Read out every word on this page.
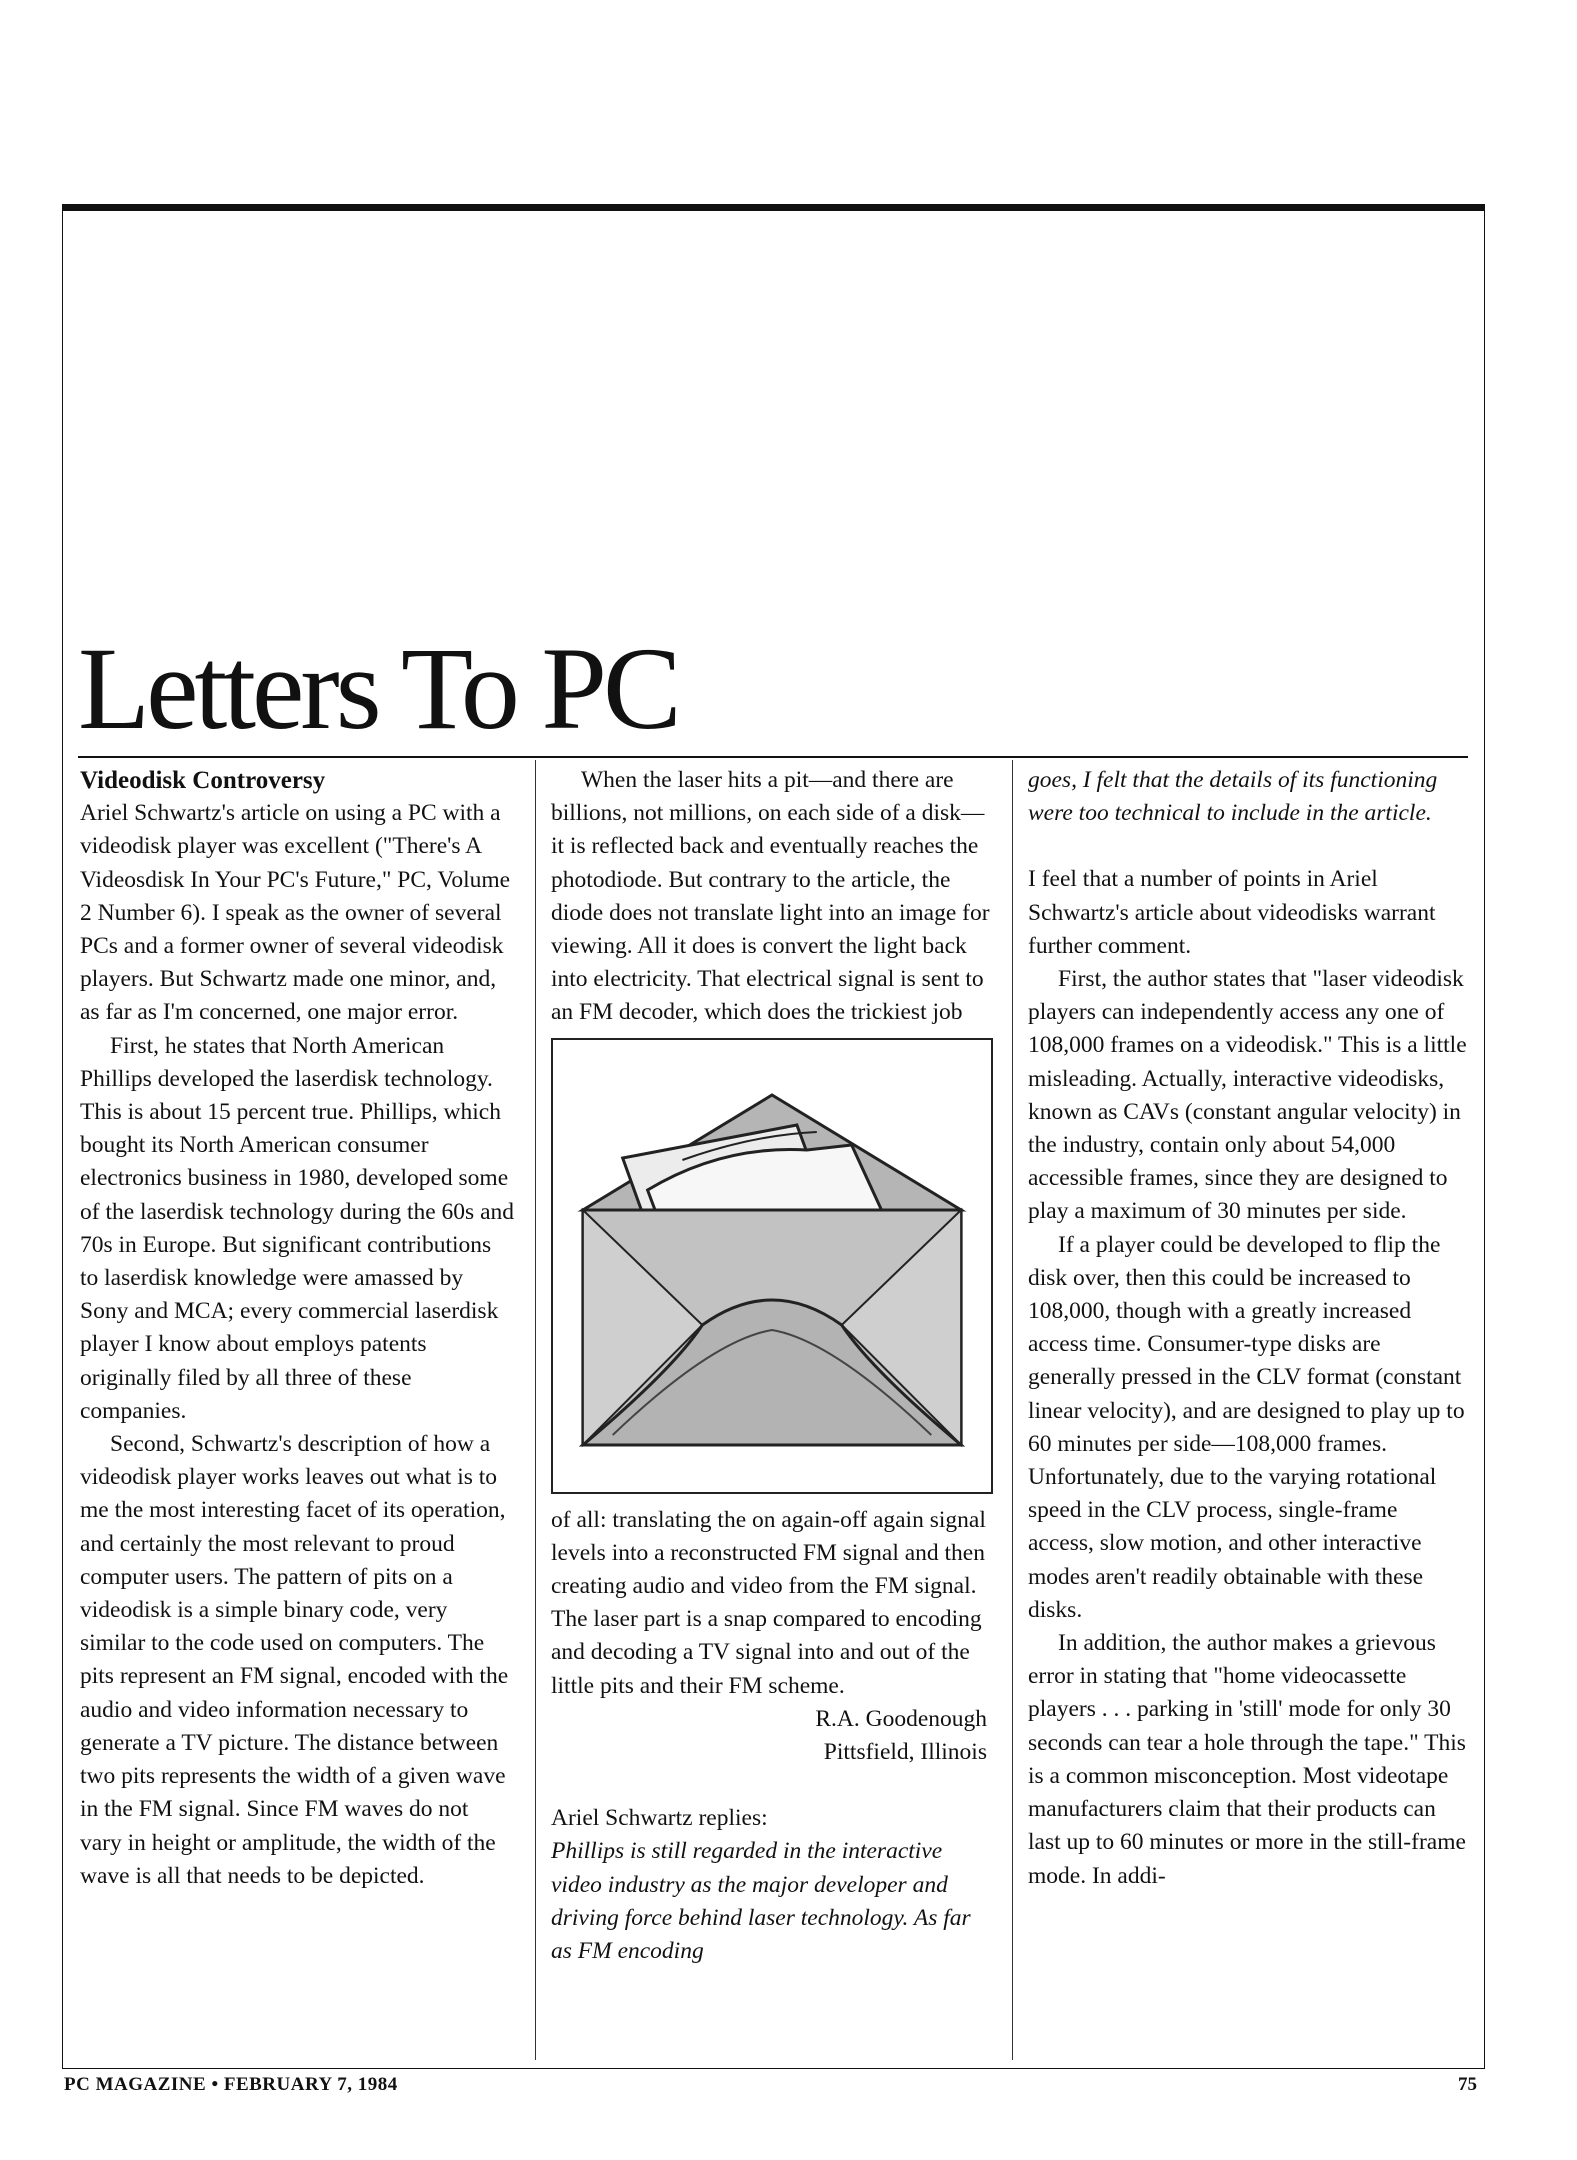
Letters To PC

Videodisk Controversy

Ariel Schwartz's article on using a PC with a videodisk player was excellent ("There's A Videosdisk In Your PC's Future," PC, Volume 2 Number 6). I speak as the owner of several PCs and a former owner of several videodisk players. But Schwartz made one minor, and, as far as I'm concerned, one major error.

First, he states that North American Phillips developed the laserdisk technology. This is about 15 percent true. Phillips, which bought its North American consumer electronics business in 1980, developed some of the laserdisk technology during the 60s and 70s in Europe. But significant contributions to laserdisk knowledge were amassed by Sony and MCA; every commercial laserdisk player I know about employs patents originally filed by all three of these companies.

Second, Schwartz's description of how a videodisk player works leaves out what is to me the most interesting facet of its operation, and certainly the most relevant to proud computer users. The pattern of pits on a videodisk is a simple binary code, very similar to the code used on computers. The pits represent an FM signal, encoded with the audio and video information necessary to generate a TV picture. The distance between two pits represents the width of a given wave in the FM signal. Since FM waves do not vary in height or amplitude, the width of the wave is all that needs to be depicted.

When the laser hits a pit—and there are billions, not millions, on each side of a disk—it is reflected back and eventually reaches the photodiode. But contrary to the article, the diode does not translate light into an image for viewing. All it does is convert the light back into electricity. That electrical signal is sent to an FM decoder, which does the trickiest job

of all: translating the on again-off again signal levels into a reconstructed FM signal and then creating audio and video from the FM signal. The laser part is a snap compared to encoding and decoding a TV signal into and out of the little pits and their FM scheme.

R.A. Goodenough

Pittsfield, Illinois

Ariel Schwartz replies:

Phillips is still regarded in the interactive video industry as the major developer and driving force behind laser technology. As far as FM encoding

goes, I felt that the details of its functioning were too technical to include in the article.

I feel that a number of points in Ariel Schwartz's article about videodisks warrant further comment.

First, the author states that "laser videodisk players can independently access any one of 108,000 frames on a videodisk." This is a little misleading. Actually, interactive videodisks, known as CAVs (constant angular velocity) in the industry, contain only about 54,000 accessible frames, since they are designed to play a maximum of 30 minutes per side.

If a player could be developed to flip the disk over, then this could be increased to 108,000, though with a greatly increased access time. Consumer-type disks are generally pressed in the CLV format (constant linear velocity), and are designed to play up to 60 minutes per side—108,000 frames. Unfortunately, due to the varying rotational speed in the CLV process, single-frame access, slow motion, and other interactive modes aren't readily obtainable with these disks.

In addition, the author makes a grievous error in stating that "home videocassette players . . . parking in 'still' mode for only 30 seconds can tear a hole through the tape." This is a common misconception. Most videotape manufacturers claim that their products can last up to 60 minutes or more in the still-frame mode. In addi-

PC MAGAZINE • FEBRUARY 7, 1984	75
